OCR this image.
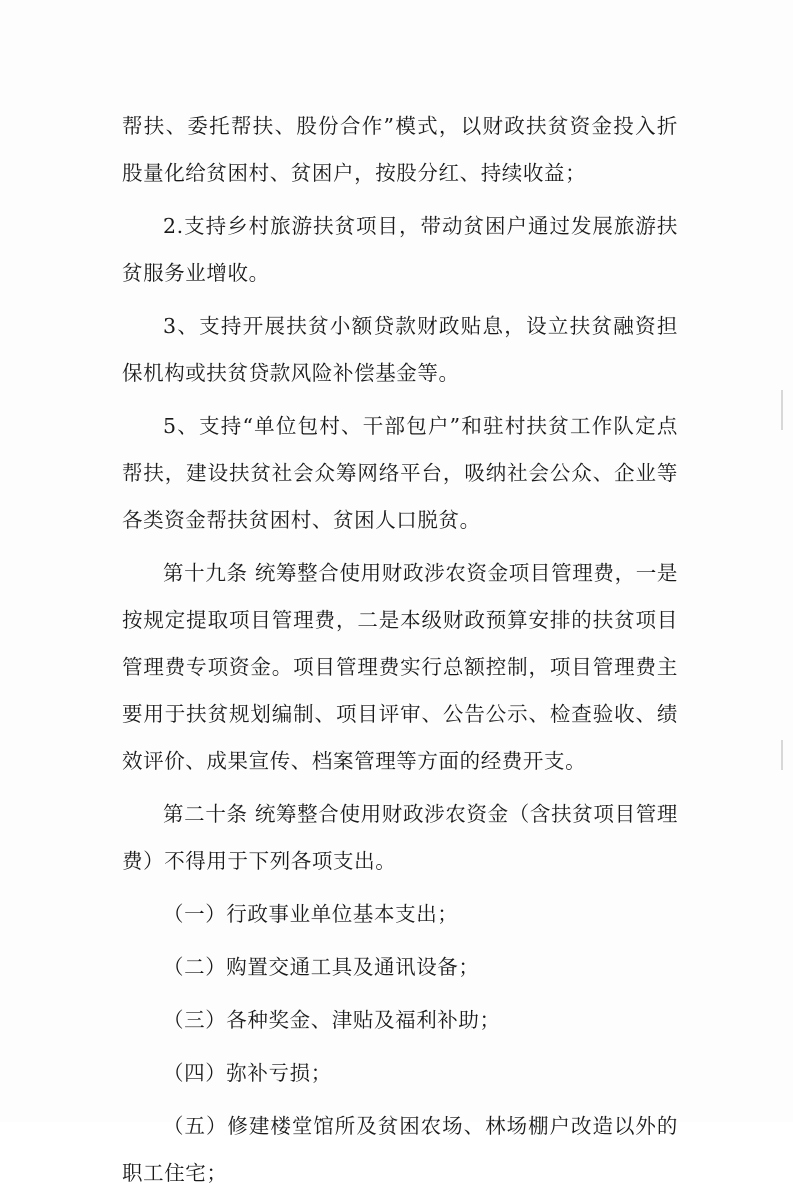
帮扶、委托帮扶、股份合作”模式，以财政扶贫资金投入折股量化给贫困村、贫困户，按股分红、持续收益；

2.支持乡村旅游扶贫项目，带动贫困户通过发展旅游扶贫服务业增收。

3、支持开展扶贫小额贷款财政贴息，设立扶贫融资担保机构或扶贫贷款风险补偿基金等。

5、支持“单位包村、干部包户”和驻村扶贫工作队定点帮扶，建设扶贫社会众筹网络平台，吸纳社会公众、企业等各类资金帮扶贫困村、贫困人口脱贫。

第十九条 统筹整合使用财政涉农资金项目管理费，一是按规定提取项目管理费，二是本级财政预算安排的扶贫项目管理费专项资金。项目管理费实行总额控制，项目管理费主要用于扶贫规划编制、项目评审、公告公示、检查验收、绩效评价、成果宣传、档案管理等方面的经费开支。

第二十条 统筹整合使用财政涉农资金（含扶贫项目管理费）不得用于下列各项支出。

（一）行政事业单位基本支出；

（二）购置交通工具及通讯设备；

（三）各种奖金、津贴及福利补助；

（四）弥补亏损；

（五）修建楼堂馆所及贫困农场、林场棚户改造以外的职工住宅；
